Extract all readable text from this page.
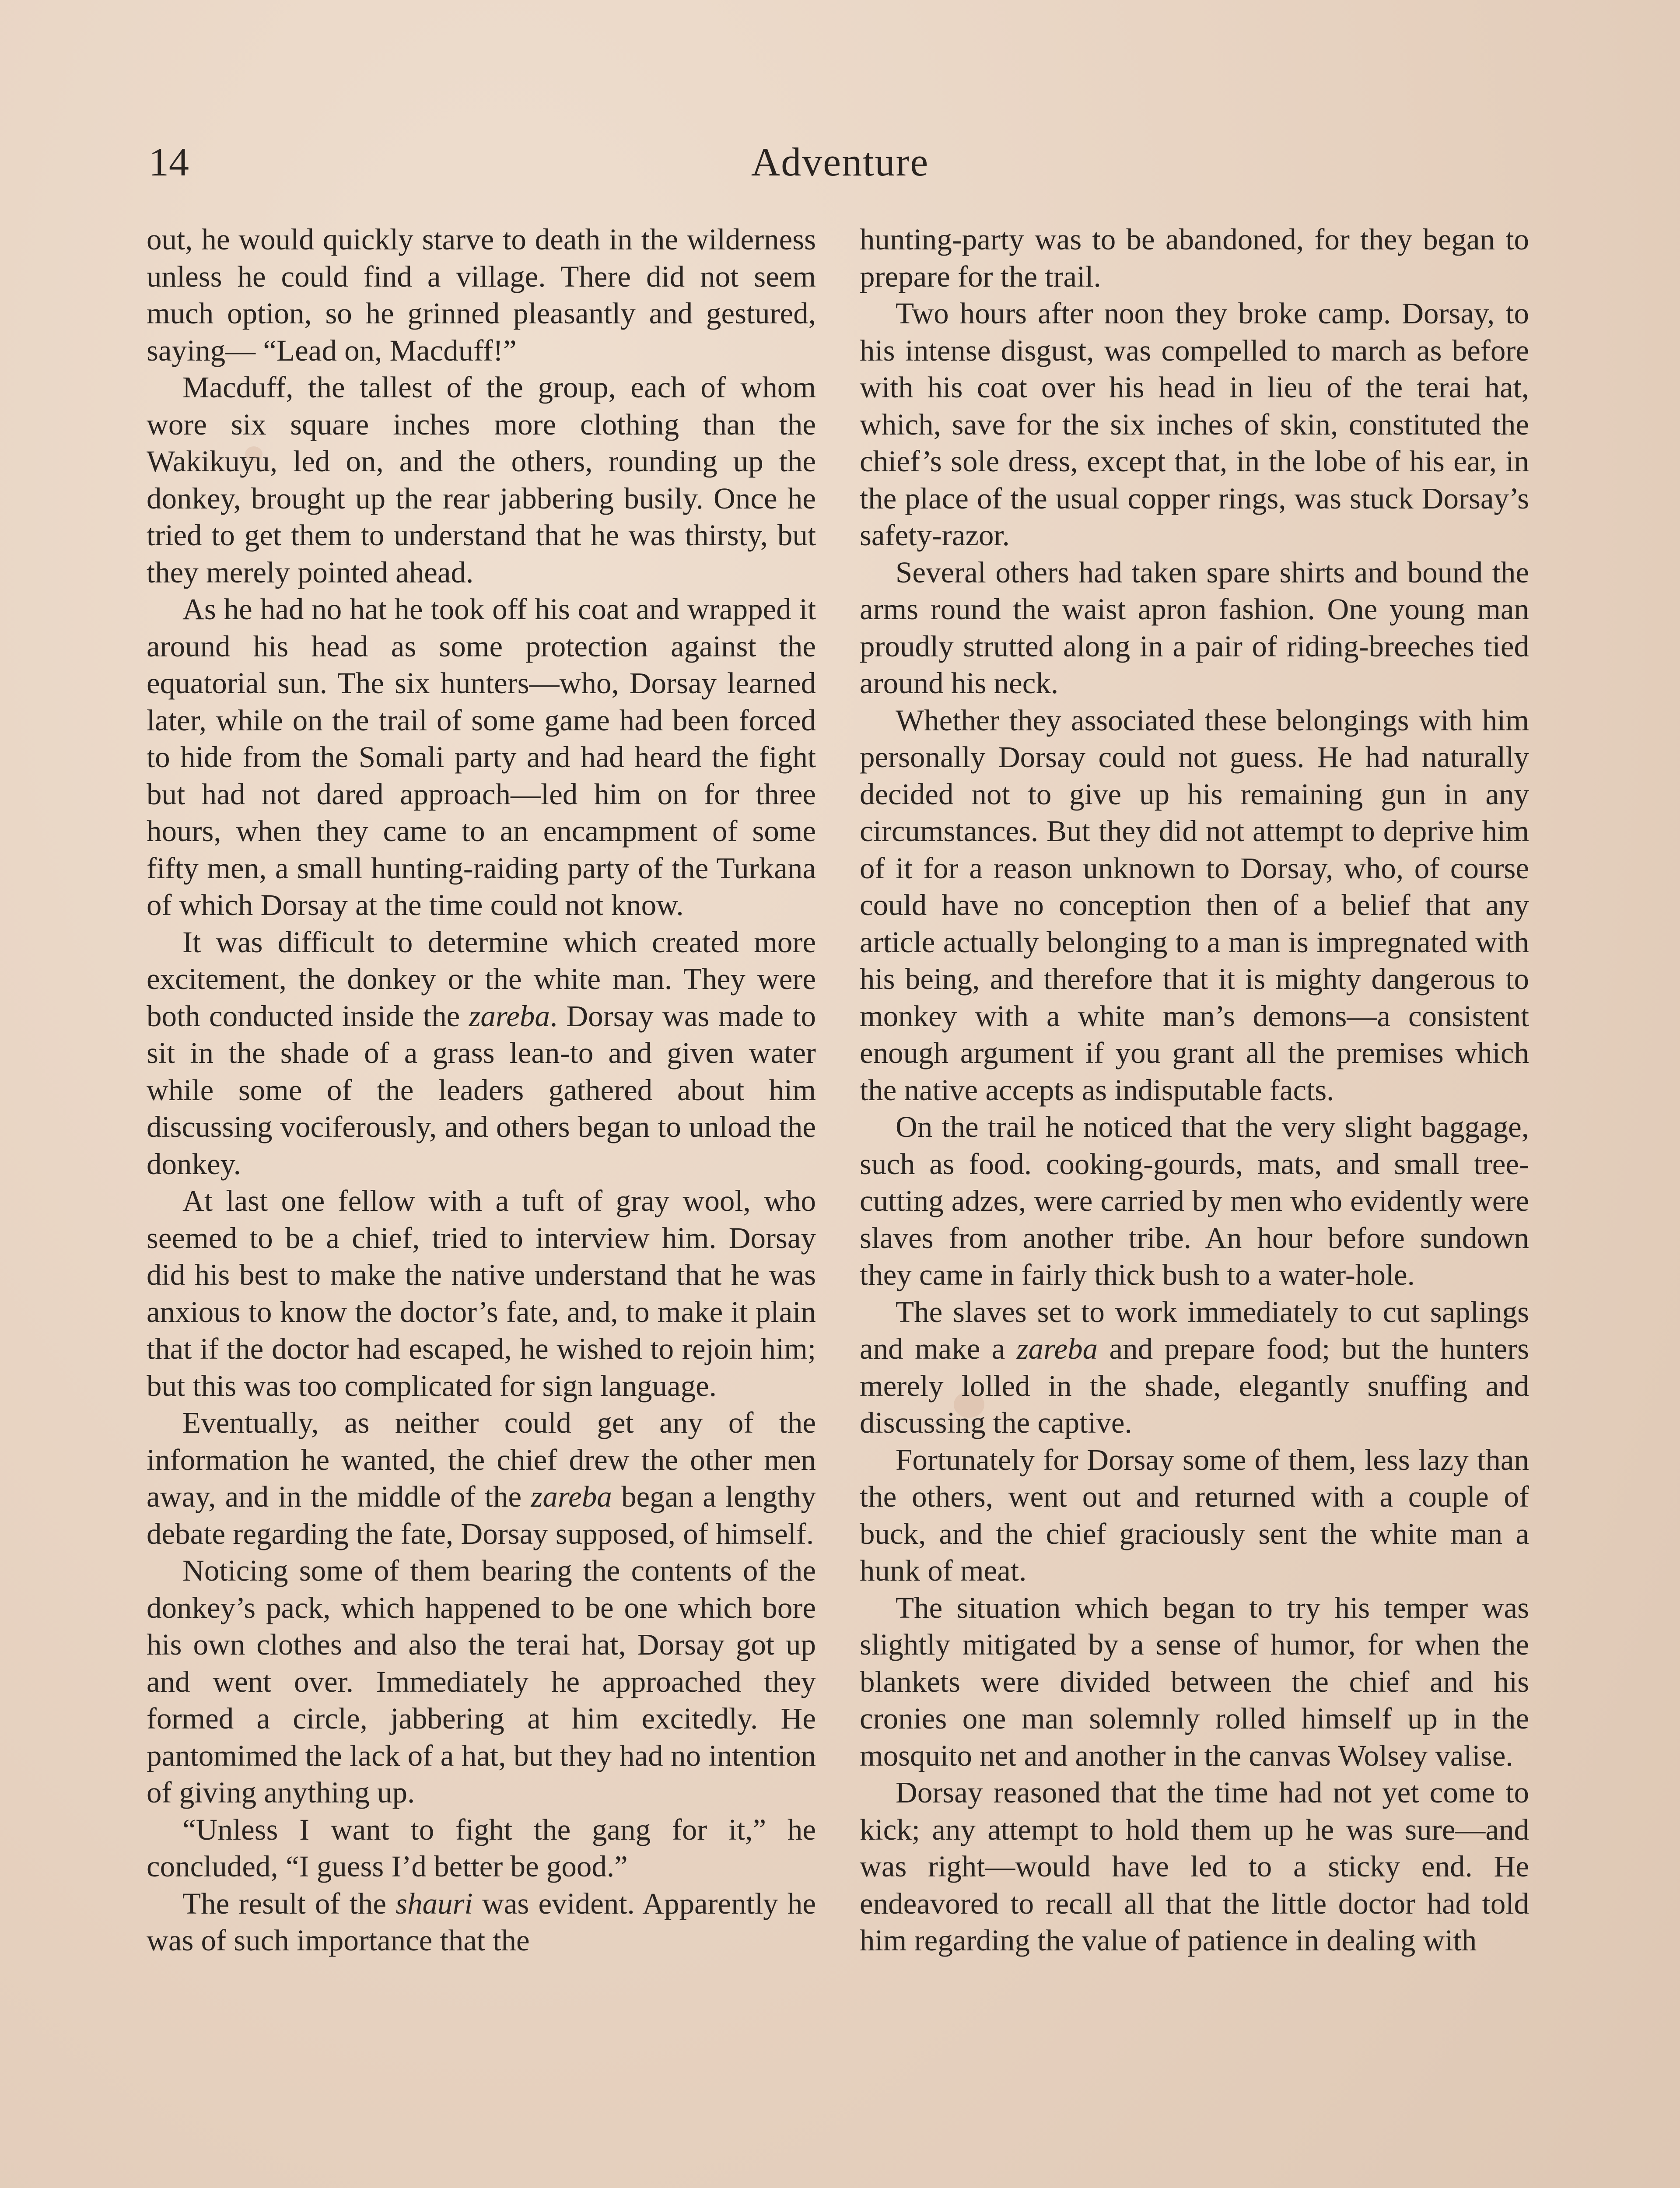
14	Adventure

out, he would quickly starve to death in the wilderness unless he could find a village. There did not seem much option, so he grinned pleasantly and gestured, saying— “Lead on, Macduff!”

Macduff, the tallest of the group, each of whom wore six square inches more clothing than the Wakikuyu, led on, and the others, rounding up the donkey, brought up the rear jabbering busily. Once he tried to get them to understand that he was thirsty, but they merely pointed ahead.

As he had no hat he took off his coat and wrapped it around his head as some protection against the equatorial sun. The six hunters—who, Dorsay learned later, while on the trail of some game had been forced to hide from the Somali party and had heard the fight but had not dared approach—led him on for three hours, when they came to an encampment of some fifty men, a small hunting-raiding party of the Turkana of which Dorsay at the time could not know.

It was difficult to determine which created more excitement, the donkey or the white man. They were both conducted inside the zareba. Dorsay was made to sit in the shade of a grass lean-to and given water while some of the leaders gathered about him discussing vociferously, and others began to unload the donkey.

At last one fellow with a tuft of gray wool, who seemed to be a chief, tried to interview him. Dorsay did his best to make the native understand that he was anxious to know the doctor’s fate, and, to make it plain that if the doctor had escaped, he wished to rejoin him; but this was too complicated for sign language.

Eventually, as neither could get any of the information he wanted, the chief drew the other men away, and in the middle of the zareba began a lengthy debate regarding the fate, Dorsay supposed, of himself.

Noticing some of them bearing the contents of the donkey’s pack, which happened to be one which bore his own clothes and also the terai hat, Dorsay got up and went over. Immediately he approached they formed a circle, jabbering at him excitedly. He pantomimed the lack of a hat, but they had no intention of giving anything up.

“Unless I want to fight the gang for it,” he concluded, “I guess I’d better be good.”

The result of the shauri was evident. Apparently he was of such importance that the

hunting-party was to be abandoned, for they began to prepare for the trail.

Two hours after noon they broke camp. Dorsay, to his intense disgust, was compelled to march as before with his coat over his head in lieu of the terai hat, which, save for the six inches of skin, constituted the chief’s sole dress, except that, in the lobe of his ear, in the place of the usual copper rings, was stuck Dorsay’s safety-razor.

Several others had taken spare shirts and bound the arms round the waist apron fashion. One young man proudly strutted along in a pair of riding-breeches tied around his neck.

Whether they associated these belongings with him personally Dorsay could not guess. He had naturally decided not to give up his remaining gun in any circumstances. But they did not attempt to deprive him of it for a reason unknown to Dorsay, who, of course could have no conception then of a belief that any article actually belonging to a man is impregnated with his being, and therefore that it is mighty dangerous to monkey with a white man’s demons—a consistent enough argument if you grant all the premises which the native accepts as indisputable facts.

On the trail he noticed that the very slight baggage, such as food. cooking-gourds, mats, and small tree-cutting adzes, were carried by men who evidently were slaves from another tribe. An hour before sundown they came in fairly thick bush to a water-hole.

The slaves set to work immediately to cut saplings and make a zareba and prepare food; but the hunters merely lolled in the shade, elegantly snuffing and discussing the captive.

Fortunately for Dorsay some of them, less lazy than the others, went out and returned with a couple of buck, and the chief graciously sent the white man a hunk of meat.

The situation which began to try his temper was slightly mitigated by a sense of humor, for when the blankets were divided between the chief and his cronies one man solemnly rolled himself up in the mosquito net and another in the canvas Wolsey valise.

Dorsay reasoned that the time had not yet come to kick; any attempt to hold them up he was sure—and was right—would have led to a sticky end. He endeavored to recall all that the little doctor had told him regarding the value of patience in dealing with
